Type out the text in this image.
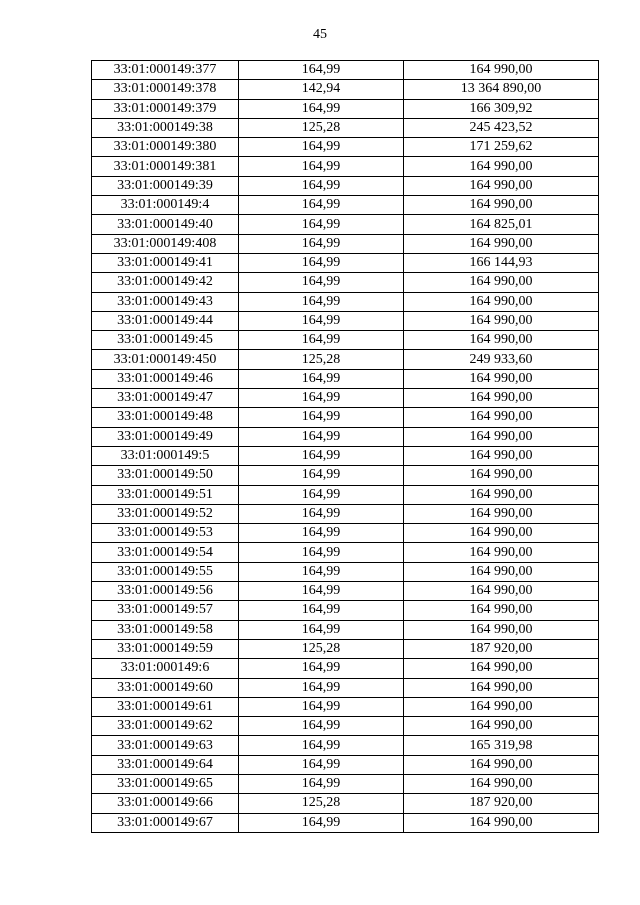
45
33:01:000149:377	164,99	164 990,00
33:01:000149:378	142,94	13 364 890,00
33:01:000149:379	164,99	166 309,92
33:01:000149:38	125,28	245 423,52
33:01:000149:380	164,99	171 259,62
33:01:000149:381	164,99	164 990,00
33:01:000149:39	164,99	164 990,00
33:01:000149:4	164,99	164 990,00
33:01:000149:40	164,99	164 825,01
33:01:000149:408	164,99	164 990,00
33:01:000149:41	164,99	166 144,93
33:01:000149:42	164,99	164 990,00
33:01:000149:43	164,99	164 990,00
33:01:000149:44	164,99	164 990,00
33:01:000149:45	164,99	164 990,00
33:01:000149:450	125,28	249 933,60
33:01:000149:46	164,99	164 990,00
33:01:000149:47	164,99	164 990,00
33:01:000149:48	164,99	164 990,00
33:01:000149:49	164,99	164 990,00
33:01:000149:5	164,99	164 990,00
33:01:000149:50	164,99	164 990,00
33:01:000149:51	164,99	164 990,00
33:01:000149:52	164,99	164 990,00
33:01:000149:53	164,99	164 990,00
33:01:000149:54	164,99	164 990,00
33:01:000149:55	164,99	164 990,00
33:01:000149:56	164,99	164 990,00
33:01:000149:57	164,99	164 990,00
33:01:000149:58	164,99	164 990,00
33:01:000149:59	125,28	187 920,00
33:01:000149:6	164,99	164 990,00
33:01:000149:60	164,99	164 990,00
33:01:000149:61	164,99	164 990,00
33:01:000149:62	164,99	164 990,00
33:01:000149:63	164,99	165 319,98
33:01:000149:64	164,99	164 990,00
33:01:000149:65	164,99	164 990,00
33:01:000149:66	125,28	187 920,00
33:01:000149:67	164,99	164 990,00
